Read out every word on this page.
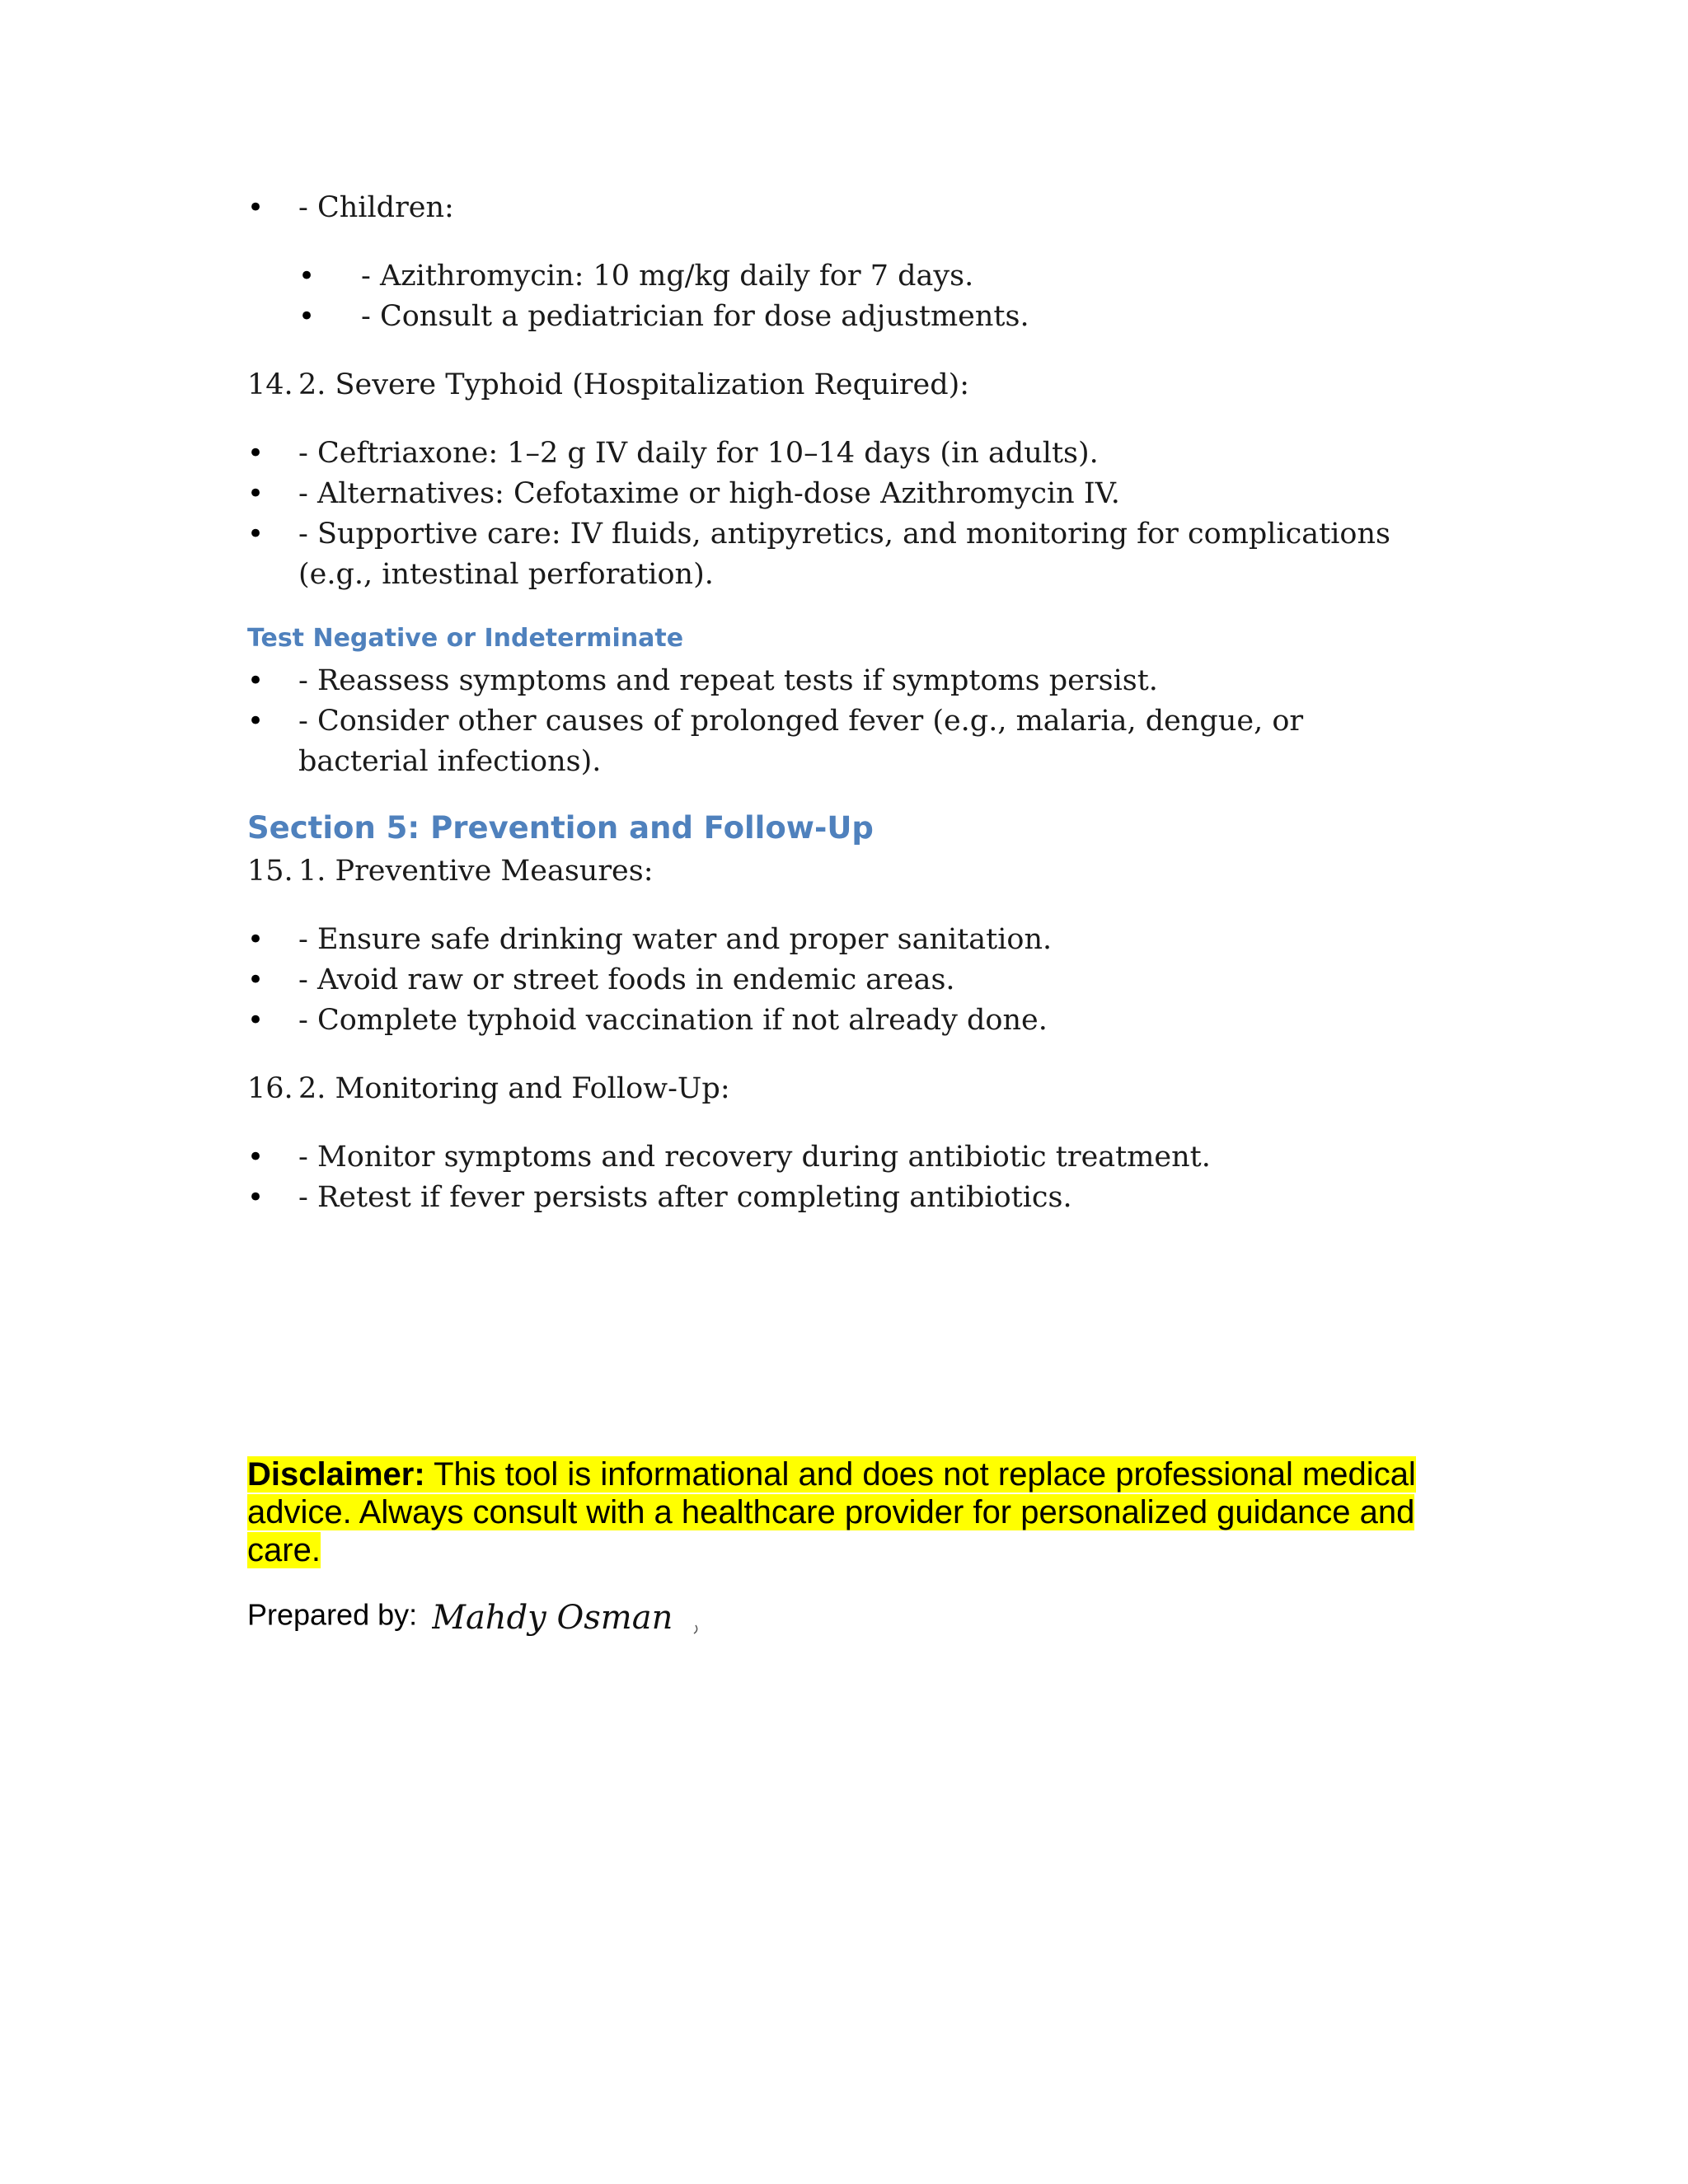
• - Children:
• - Azithromycin: 10 mg/kg daily for 7 days.
• - Consult a pediatrician for dose adjustments.
14. 2. Severe Typhoid (Hospitalization Required):
• - Ceftriaxone: 1–2 g IV daily for 10–14 days (in adults).
• - Alternatives: Cefotaxime or high-dose Azithromycin IV.
• - Supportive care: IV fluids, antipyretics, and monitoring for complications (e.g., intestinal perforation).
Test Negative or Indeterminate
• - Reassess symptoms and repeat tests if symptoms persist.
• - Consider other causes of prolonged fever (e.g., malaria, dengue, or bacterial infections).
Section 5: Prevention and Follow-Up
15. 1. Preventive Measures:
• - Ensure safe drinking water and proper sanitation.
• - Avoid raw or street foods in endemic areas.
• - Complete typhoid vaccination if not already done.
16. 2. Monitoring and Follow-Up:
• - Monitor symptoms and recovery during antibiotic treatment.
• - Retest if fever persists after completing antibiotics.
Disclaimer: This tool is informational and does not replace professional medical advice. Always consult with a healthcare provider for personalized guidance and care.
Prepared by: Mahdy Osman
